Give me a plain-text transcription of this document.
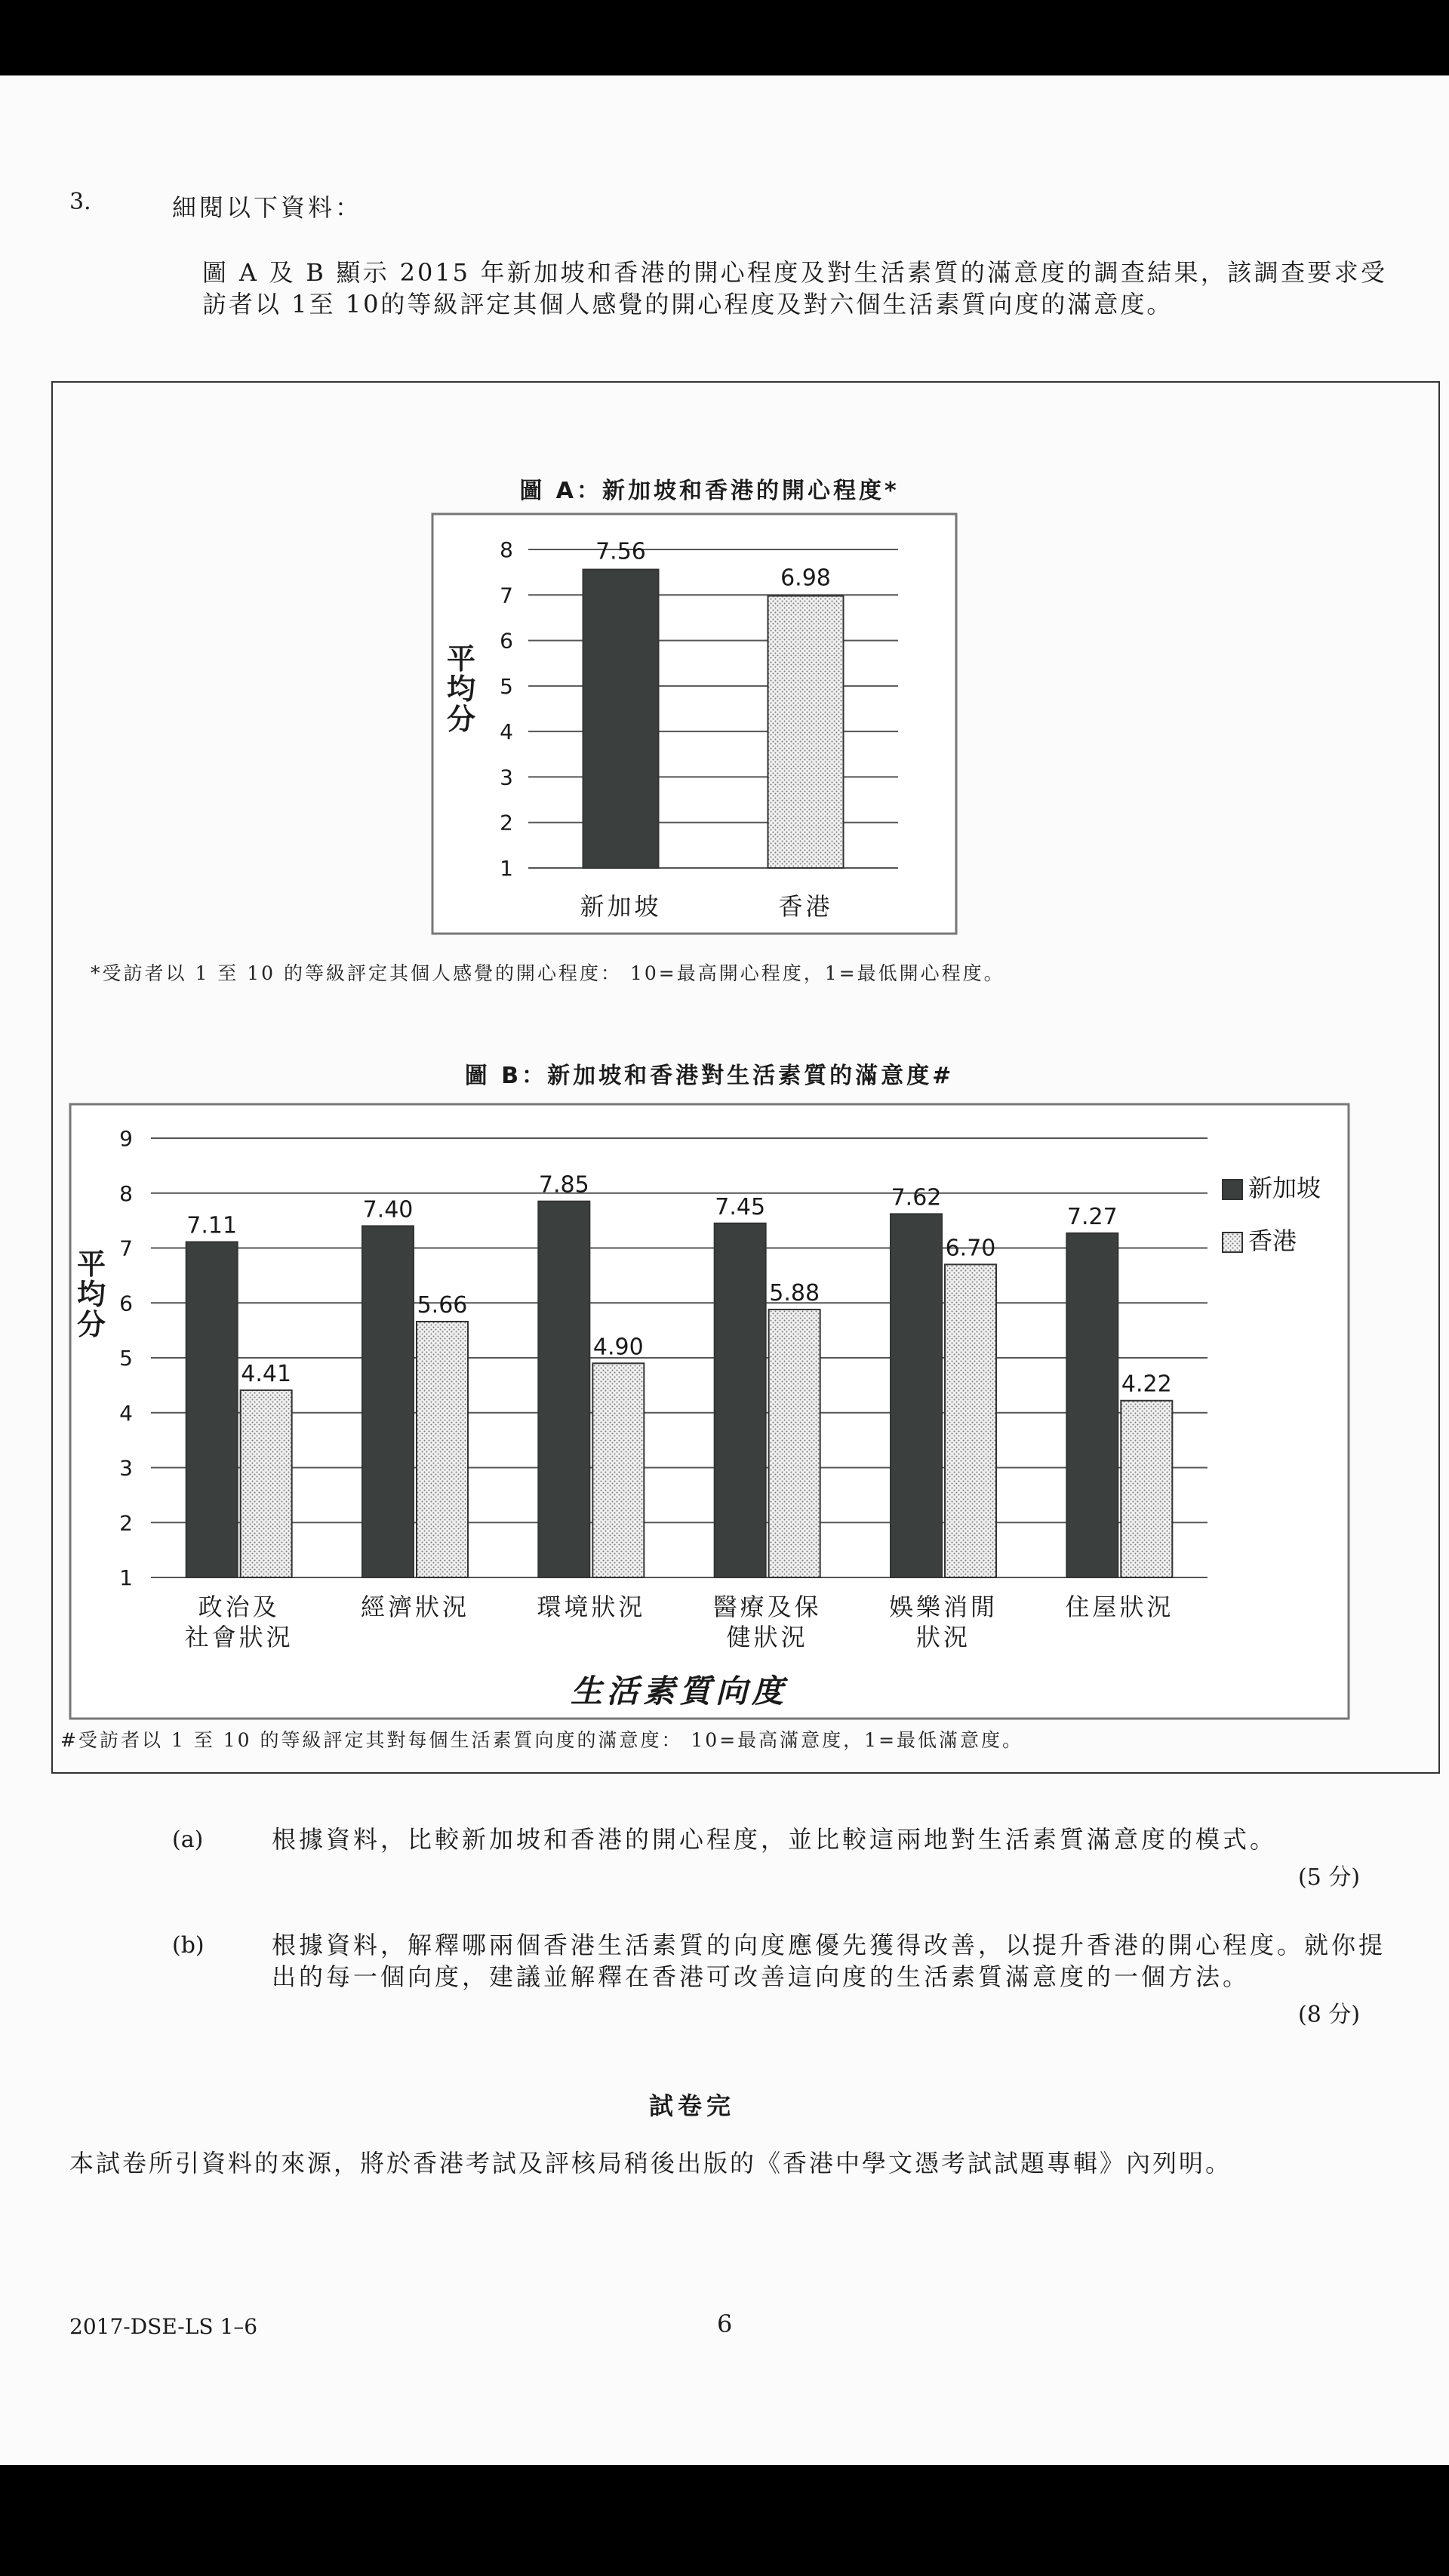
3.	細閱以下資料：
圖 A 及 B 顯示 2015 年新加坡和香港的開心程度及對生活素質的滿意度的調查結果，該調查要求受訪者以 1至 10的等級評定其個人感覺的開心程度及對六個生活素質向度的滿意度。
圖 A：新加坡和香港的開心程度*
1
2
3
4
5
6
7
8
平
均
分
7.56
新加坡
6.98
香港
*受訪者以 1 至 10 的等級評定其個人感覺的開心程度： 10=最高開心程度，1=最低開心程度。
圖 B：新加坡和香港對生活素質的滿意度#
1
2
3
4
5
6
7
8
9
平
均
分
7.11
4.41
政治及
社會狀況
7.40
5.66
經濟狀況
7.85
4.90
環境狀況
7.45
5.88
醫療及保
健狀況
7.62
6.70
娛樂消閒
狀況
7.27
4.22
住屋狀況
生活素質向度
新加坡
香港
#受訪者以 1 至 10 的等級評定其對每個生活素質向度的滿意度： 10=最高滿意度，1=最低滿意度。
(a)	根據資料，比較新加坡和香港的開心程度，並比較這兩地對生活素質滿意度的模式。
(5 分)
(b)	根據資料，解釋哪兩個香港生活素質的向度應優先獲得改善，以提升香港的開心程度。就你提出的每一個向度，建議並解釋在香港可改善這向度的生活素質滿意度的一個方法。
(8 分)
試卷完
本試卷所引資料的來源，將於香港考試及評核局稍後出版的《香港中學文憑考試試題專輯》內列明。
2017-DSE-LS 1–6	6
